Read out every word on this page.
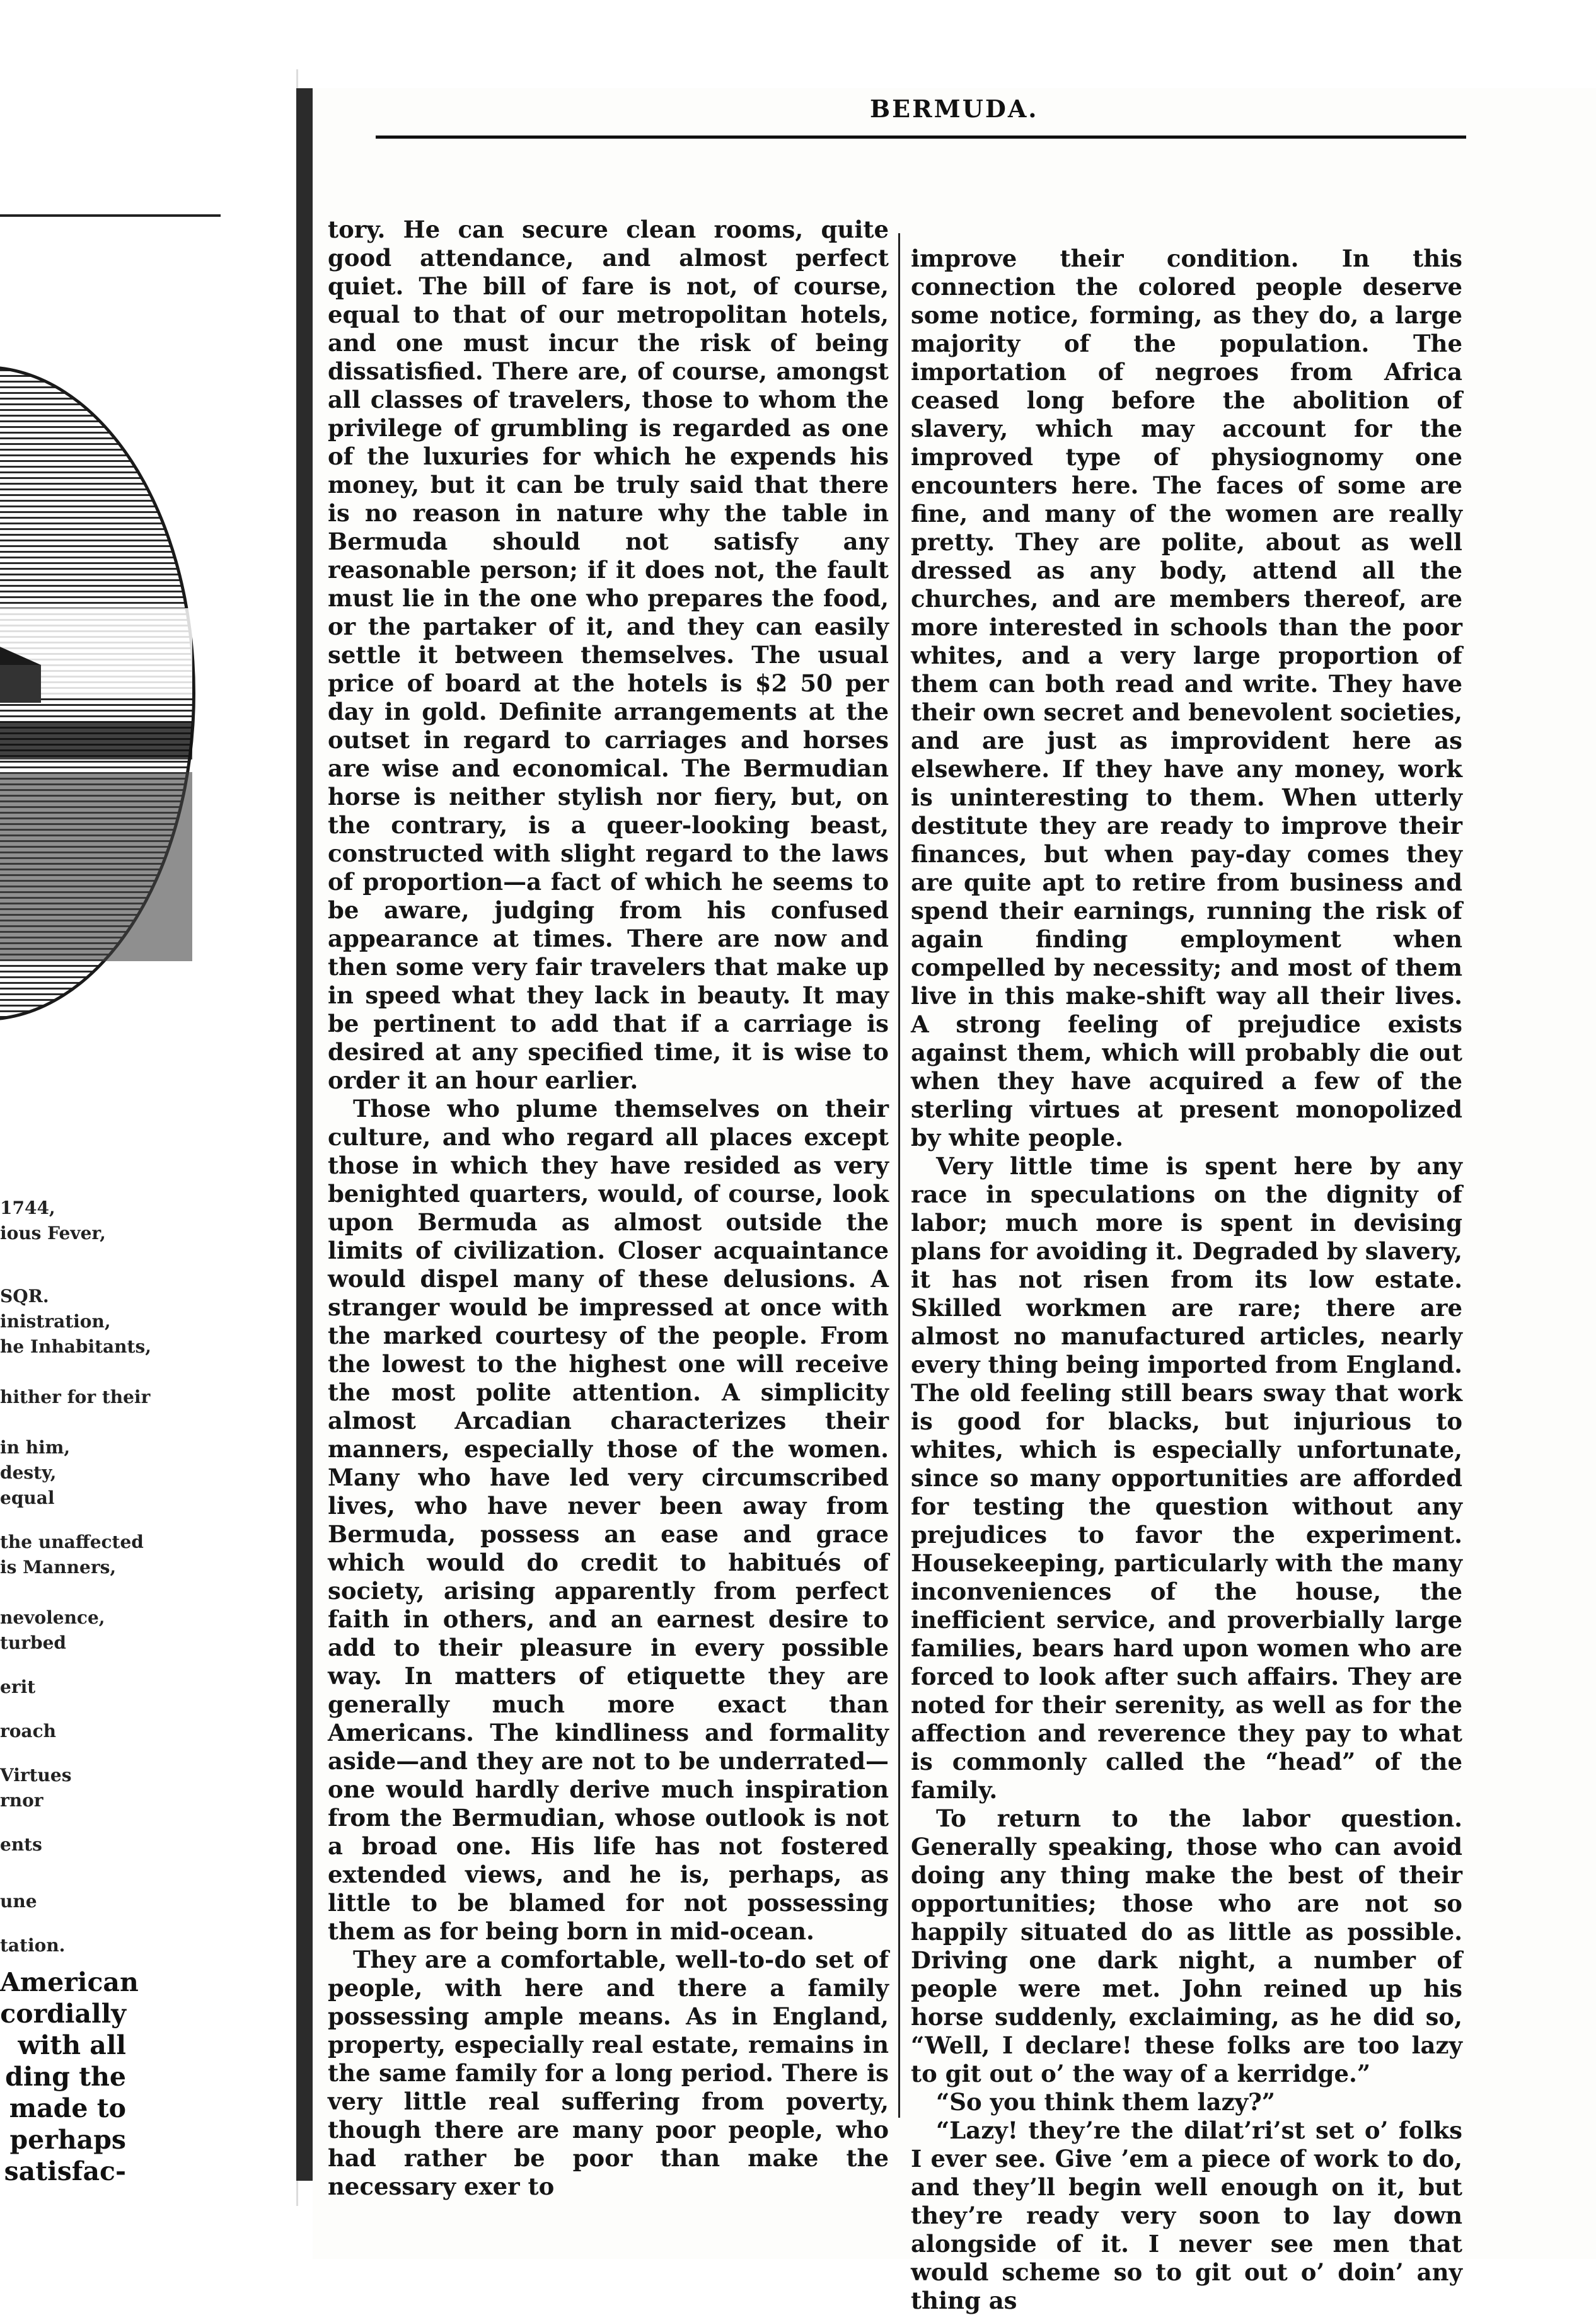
1744,
ious Fever,
SQR.
inistration,
he Inhabitants,
hither for their
in him,
desty,
equal
the unaffected
is Manners,
nevolence,
turbed
erit
roach
Virtues
rnor
ents
une
tation.
American
cordially
with all
ding the
made to
perhaps
satisfac-
BERMUDA.

tory. He can secure clean rooms, quite good attendance, and almost perfect quiet. The bill of fare is not, of course, equal to that of our metropolitan hotels, and one must incur the risk of being dissatisfied. There are, of course, amongst all classes of travelers, those to whom the privilege of grumbling is regarded as one of the luxuries for which he expends his money, but it can be truly said that there is no reason in nature why the table in Bermuda should not satisfy any reasonable person; if it does not, the fault must lie in the one who prepares the food, or the partaker of it, and they can easily settle it between themselves. The usual price of board at the hotels is $2 50 per day in gold. Definite arrangements at the outset in regard to carriages and horses are wise and economical. The Bermudian horse is neither stylish nor fiery, but, on the contrary, is a queer-looking beast, constructed with slight regard to the laws of proportion—a fact of which he seems to be aware, judging from his confused appearance at times. There are now and then some very fair travelers that make up in speed what they lack in beauty. It may be pertinent to add that if a carriage is desired at any specified time, it is wise to order it an hour earlier.

Those who plume themselves on their culture, and who regard all places except those in which they have resided as very benighted quarters, would, of course, look upon Bermuda as almost outside the limits of civilization. Closer acquaintance would dispel many of these delusions. A stranger would be impressed at once with the marked courtesy of the people. From the lowest to the highest one will receive the most polite attention. A simplicity almost Arcadian characterizes their manners, especially those of the women. Many who have led very circumscribed lives, who have never been away from Bermuda, possess an ease and grace which would do credit to habitués of society, arising apparently from perfect faith in others, and an earnest desire to add to their pleasure in every possible way. In matters of etiquette they are generally much more exact than Americans. The kindliness and formality aside—and they are not to be underrated—one would hardly derive much inspiration from the Bermudian, whose outlook is not a broad one. His life has not fostered extended views, and he is, perhaps, as little to be blamed for not possessing them as for being born in mid-ocean.

They are a comfortable, well-to-do set of people, with here and there a family possessing ample means. As in England, property, especially real estate, remains in the same family for a long period. There is very little real suffering from poverty, though there are many poor people, who had rather be poor than make the necessary exer to

improve their condition. In this connection the colored people deserve some notice, forming, as they do, a large majority of the population. The importation of negroes from Africa ceased long before the abolition of slavery, which may account for the improved type of physiognomy one encounters here. The faces of some are fine, and many of the women are really pretty. They are polite, about as well dressed as any body, attend all the churches, and are members thereof, are more interested in schools than the poor whites, and a very large proportion of them can both read and write. They have their own secret and benevolent societies, and are just as improvident here as elsewhere. If they have any money, work is uninteresting to them. When utterly destitute they are ready to improve their finances, but when pay-day comes they are quite apt to retire from business and spend their earnings, running the risk of again finding employment when compelled by necessity; and most of them live in this make-shift way all their lives. A strong feeling of prejudice exists against them, which will probably die out when they have acquired a few of the sterling virtues at present monopolized by white people.

Very little time is spent here by any race in speculations on the dignity of labor; much more is spent in devising plans for avoiding it. Degraded by slavery, it has not risen from its low estate. Skilled workmen are rare; there are almost no manufactured articles, nearly every thing being imported from England. The old feeling still bears sway that work is good for blacks, but injurious to whites, which is especially unfortunate, since so many opportunities are afforded for testing the question without any prejudices to favor the experiment. Housekeeping, particularly with the many inconveniences of the house, the inefficient service, and proverbially large families, bears hard upon women who are forced to look after such affairs. They are noted for their serenity, as well as for the affection and reverence they pay to what is commonly called the “head” of the family.

To return to the labor question. Generally speaking, those who can avoid doing any thing make the best of their opportunities; those who are not so happily situated do as little as possible. Driving one dark night, a number of people were met. John reined up his horse suddenly, exclaiming, as he did so, “Well, I declare! these folks are too lazy to git out o’ the way of a kerridge.”

“So you think them lazy?”

“Lazy! they’re the dilat’ri’st set o’ folks I ever see. Give ’em a piece of work to do, and they’ll begin well enough on it, but they’re ready very soon to lay down alongside of it. I never see men that would scheme so to git out o’ doin’ any thing as
